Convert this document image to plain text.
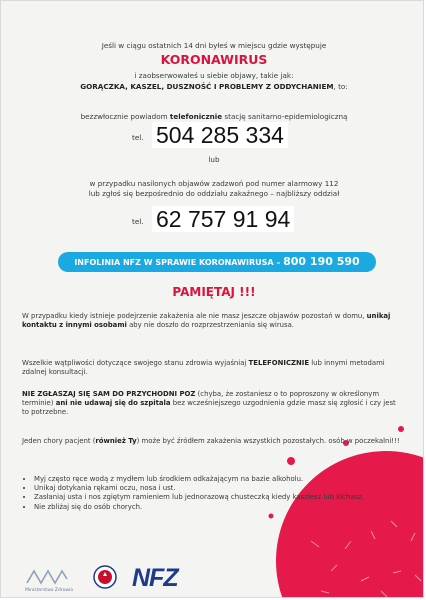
Jeśli w ciągu ostatnich 14 dni byłeś w miejscu gdzie występuje
KORONAWIRUS
i zaobserwowałeś u siebie objawy, takie jak:
GORĄCZKA, KASZEL, DUSZNOŚĆ I PROBLEMY Z ODDYCHANIEM, to:
bezzwłocznie powiadom telefonicznie stację sanitarno-epidemiologiczną
tel. 504 285 334
lub
w przypadku nasilonych objawów zadzwoń pod numer alarmowy 112
lub zgłoś się bezpośrednio do oddziału zakaźnego – najbliższy oddział
tel. 62 757 91 94
INFOLINIA NFZ W SPRAWIE KORONAWIRUSA – 800 190 590
PAMIĘTAJ !!!
W przypadku kiedy istnieje podejrzenie zakażenia ale nie masz jeszcze objawów pozostań w domu, unikaj kontaktu z innymi osobami aby nie doszło do rozprzestrzeniania się wirusa.
Wszelkie wątpliwości dotyczące swojego stanu zdrowia wyjaśniaj TELEFONICZNIE lub innymi metodami zdalnej konsultacji.
NIE ZGŁASZAJ SIĘ SAM DO PRZYCHODNI POZ (chyba, że zostaniesz o to poproszony w określonym terminie) ani nie udawaj się do szpitala bez wcześniejszego uzgodnienia gdzie masz się zgłosić i czy jest to potrzebne.
Jeden chory pacjent (również Ty) może być źródłem zakażenia wszystkich pozostałych. osób w poczekalni!!!
• Myj często ręce wodą z mydłem lub środkiem odkażającym na bazie alkoholu.
• Unikaj dotykania rękami oczu, nosa i ust.
• Zasłaniaj usta i nos zgiętym ramieniem lub jednorazową chusteczką kiedy kaszlesz lub kichasz.
• Nie zbliżaj się do osób chorych.
Ministerstwo Zdrowia NFZ
